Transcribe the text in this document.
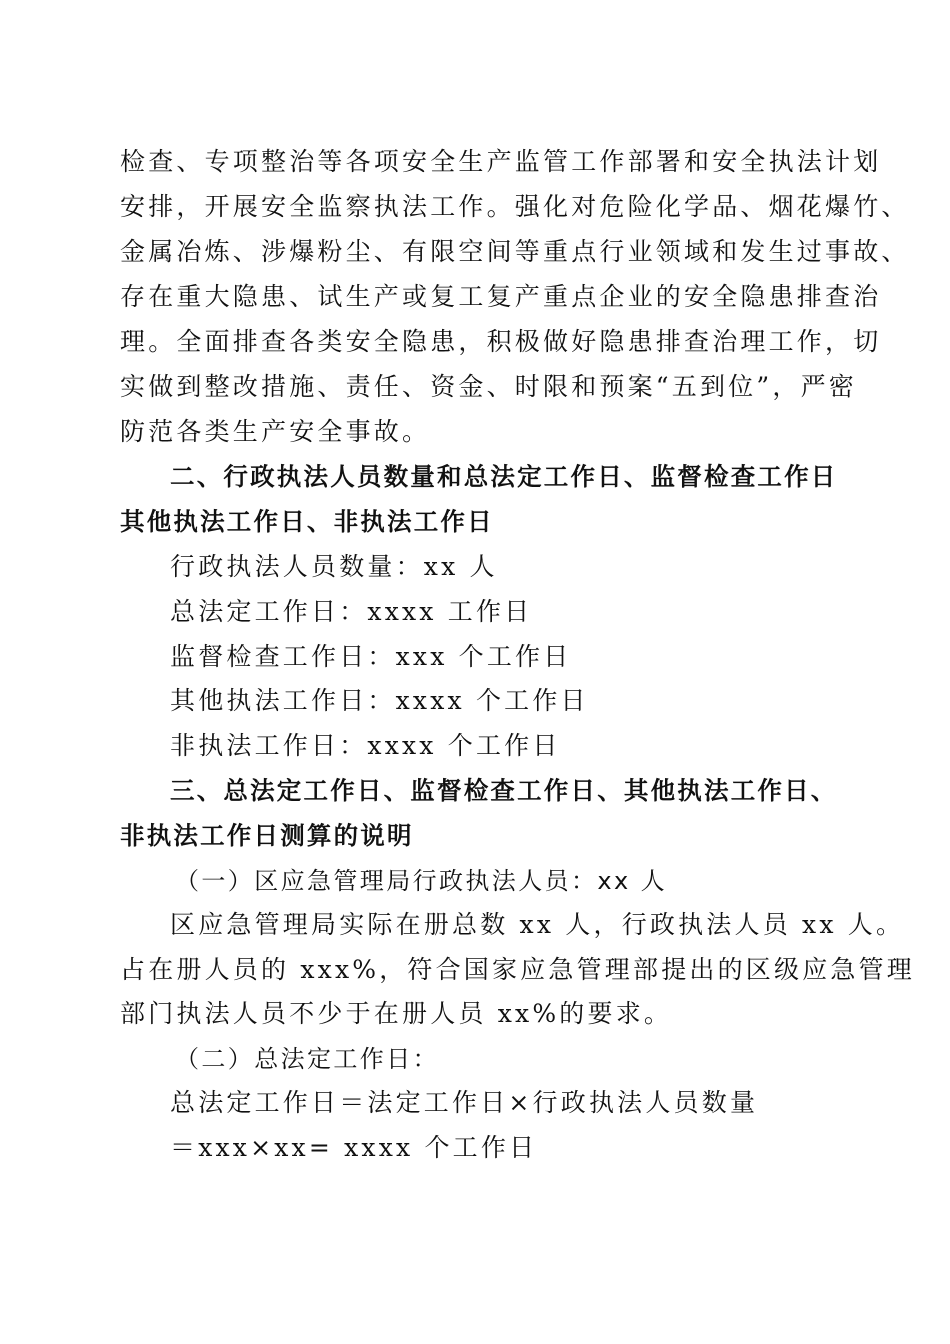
检查、专项整治等各项安全生产监管工作部署和安全执法计划
安排，开展安全监察执法工作。强化对危险化学品、烟花爆竹、
金属冶炼、涉爆粉尘、有限空间等重点行业领域和发生过事故、
存在重大隐患、试生产或复工复产重点企业的安全隐患排查治
理。全面排查各类安全隐患，积极做好隐患排查治理工作，切
实做到整改措施、责任、资金、时限和预案“五到位”，严密
防范各类生产安全事故。
二、行政执法人员数量和总法定工作日、监督检查工作日
其他执法工作日、非执法工作日
行政执法人员数量：xx 人
总法定工作日：xxxx 工作日
监督检查工作日：xxx 个工作日
其他执法工作日：xxxx 个工作日
非执法工作日：xxxx 个工作日
三、总法定工作日、监督检查工作日、其他执法工作日、
非执法工作日测算的说明
（一）区应急管理局行政执法人员：xx 人
区应急管理局实际在册总数 xx 人，行政执法人员 xx 人。
占在册人员的 xxx%，符合国家应急管理部提出的区级应急管理
部门执法人员不少于在册人员 xx%的要求。
（二）总法定工作日：
总法定工作日＝法定工作日×行政执法人员数量
＝xxx×xx= xxxx 个工作日
